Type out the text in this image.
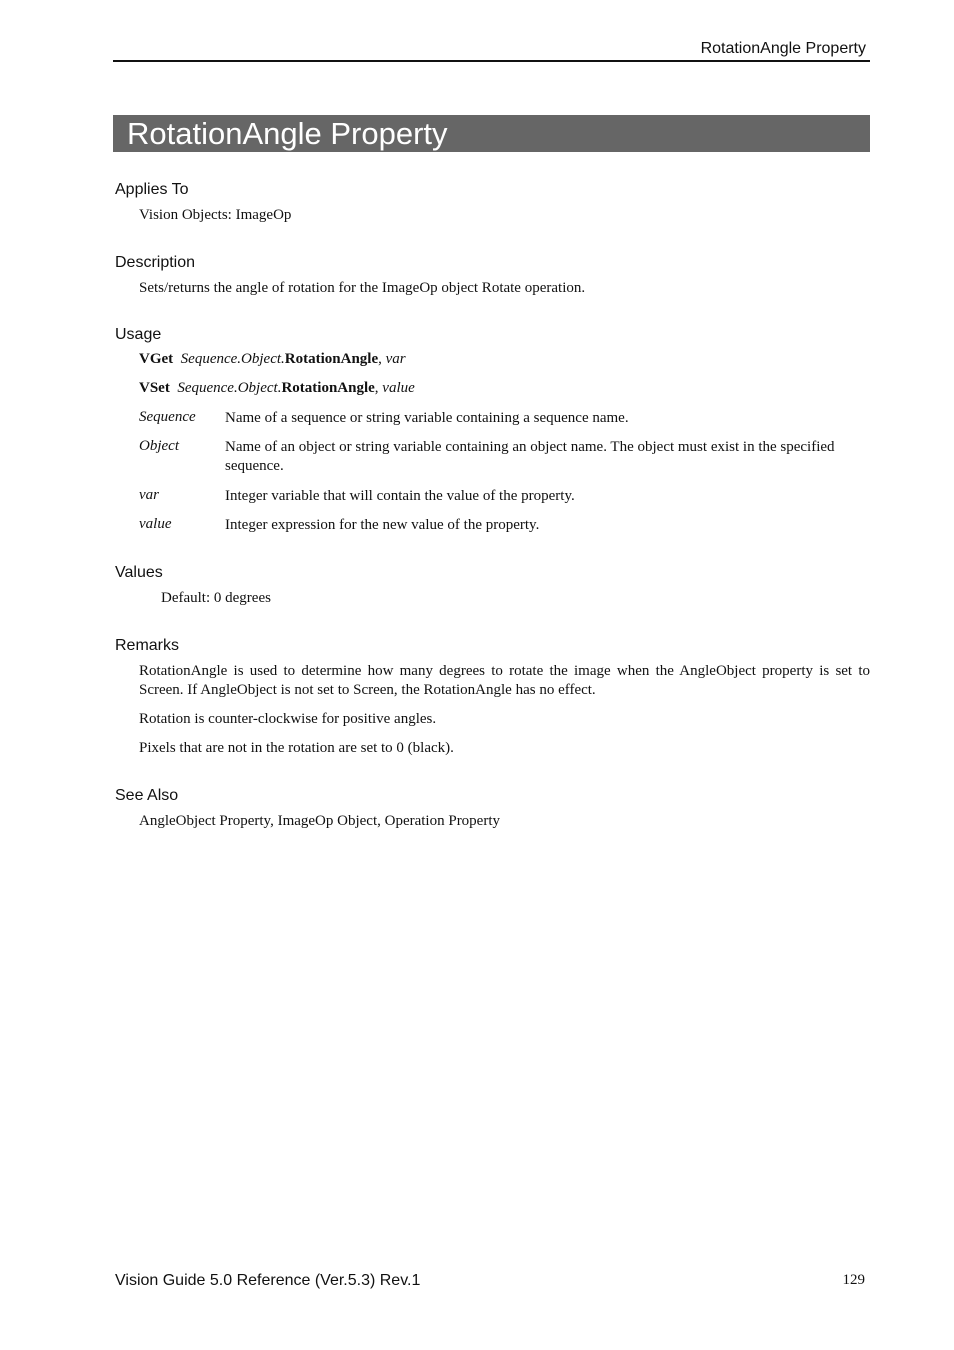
RotationAngle Property
RotationAngle Property
Applies To
Vision Objects: ImageOp
Description
Sets/returns the angle of rotation for the ImageOp object Rotate operation.
Usage
VGet Sequence.Object.RotationAngle, var
VSet Sequence.Object.RotationAngle, value
Sequence Name of a sequence or string variable containing a sequence name.
Object	Name of an object or string variable containing an object name. The object must exist in the specified sequence.
var	Integer variable that will contain the value of the property.
value	Integer expression for the new value of the property.
Values
Default: 0 degrees
Remarks
RotationAngle is used to determine how many degrees to rotate the image when the AngleObject property is set to Screen. If AngleObject is not set to Screen, the RotationAngle has no effect.
Rotation is counter-clockwise for positive angles.
Pixels that are not in the rotation are set to 0 (black).
See Also
AngleObject Property, ImageOp Object, Operation Property
Vision Guide 5.0 Reference (Ver.5.3) Rev.1	129
